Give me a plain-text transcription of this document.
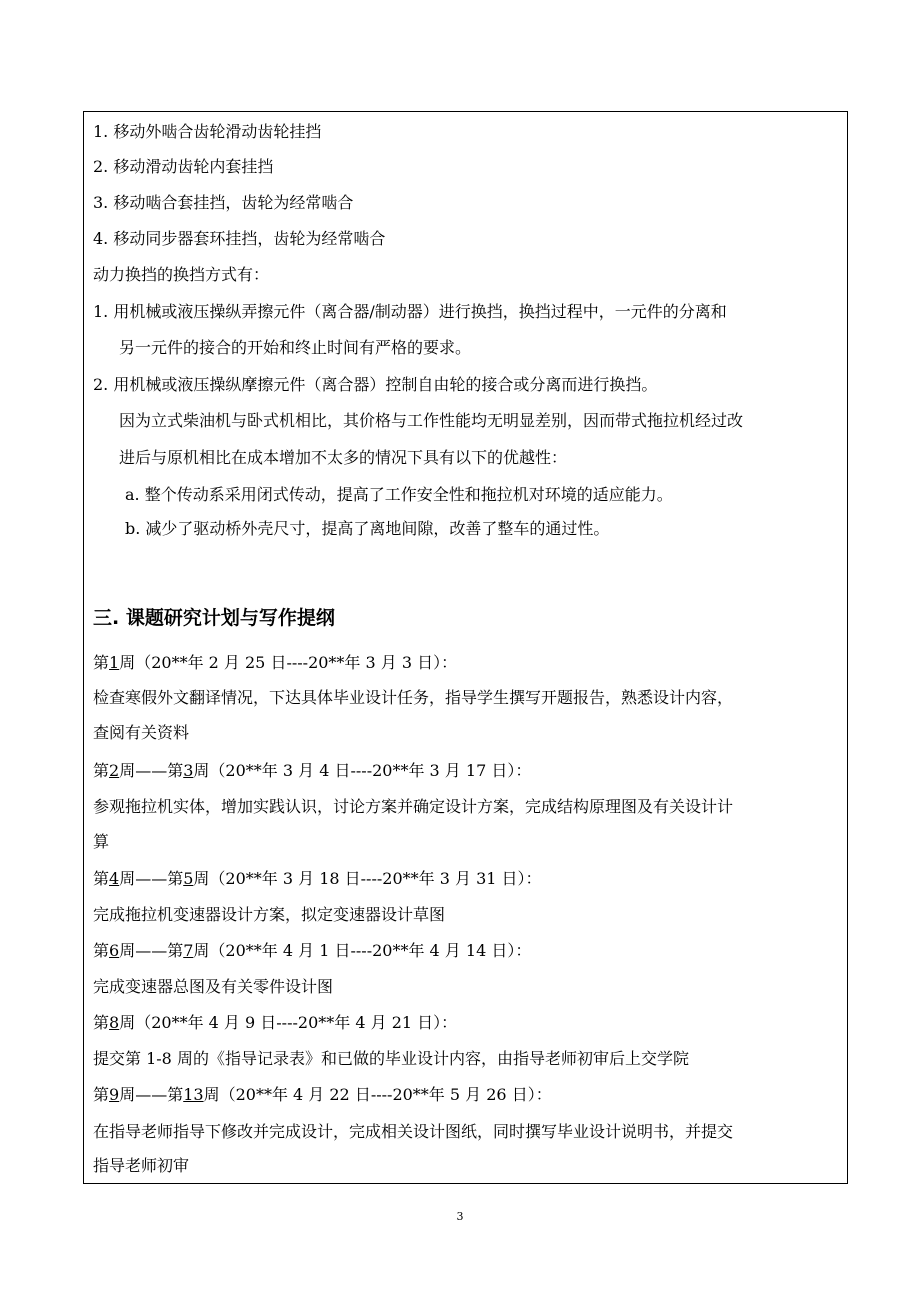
1. 移动外啮合齿轮滑动齿轮挂挡
2. 移动滑动齿轮内套挂挡
3. 移动啮合套挂挡，齿轮为经常啮合
4. 移动同步器套环挂挡，齿轮为经常啮合
动力换挡的换挡方式有：
1. 用机械或液压操纵弄擦元件（离合器/制动器）进行换挡，换挡过程中，一元件的分离和
另一元件的接合的开始和终止时间有严格的要求。
2. 用机械或液压操纵摩擦元件（离合器）控制自由轮的接合或分离而进行换挡。
因为立式柴油机与卧式机相比，其价格与工作性能均无明显差别，因而带式拖拉机经过改
进后与原机相比在成本增加不太多的情况下具有以下的优越性：
a. 整个传动系采用闭式传动，提高了工作安全性和拖拉机对环境的适应能力。
b. 减少了驱动桥外壳尺寸，提高了离地间隙，改善了整车的通过性。
三. 课题研究计划与写作提纲
第1周（20**年 2 月 25 日----20**年 3 月 3 日）：
检查寒假外文翻译情况，下达具体毕业设计任务，指导学生撰写开题报告，熟悉设计内容，
查阅有关资料
第2周——第3周（20**年 3 月 4 日----20**年 3 月 17 日）：
参观拖拉机实体，增加实践认识，讨论方案并确定设计方案，完成结构原理图及有关设计计
算
第4周——第5周（20**年 3 月 18 日----20**年 3 月 31 日）：
完成拖拉机变速器设计方案，拟定变速器设计草图
第6周——第7周（20**年 4 月 1 日----20**年 4 月 14 日）：
完成变速器总图及有关零件设计图
第8周（20**年 4 月 9 日----20**年 4 月 21 日）：
提交第 1-8 周的《指导记录表》和已做的毕业设计内容，由指导老师初审后上交学院
第9周——第13周（20**年 4 月 22 日----20**年 5 月 26 日）：
在指导老师指导下修改并完成设计，完成相关设计图纸，同时撰写毕业设计说明书，并提交
指导老师初审
3
